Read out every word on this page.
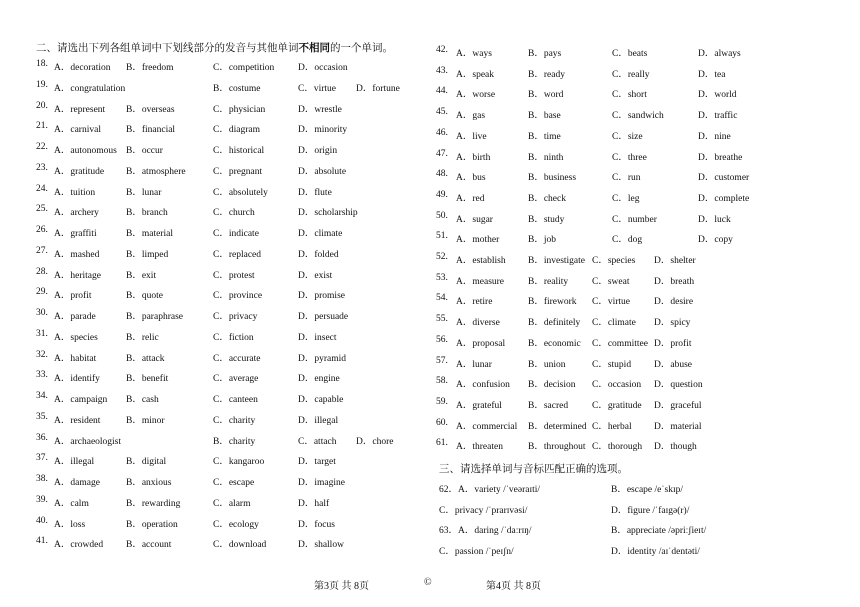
二、请选出下列各组单词中下划线部分的发音与其他单词不相同的一个单词。
18. A．decoration B．freedom	C．competition	D．occasion
19. A．congratulation	B．costume	C．virtue D．fortune
20. A．represent B．overseas	C．physician	D．wrestle
21. A．carnival	B．financial	C．diagram	D．minority
22. A．autonomous B．occur	C．historical	D．origin
23. A．gratitude B．atmosphere	C．pregnant	D．absolute
24. A．tuition	B．lunar	C．absolutely	D．flute
25. A．archery	B．branch	C．church	D．scholarship
26. A．graffiti	B．material	C．indicate	D．climate
27. A．mashed	B．limped	C．replaced	D．folded
28. A．heritage	B．exit	C．protest	D．exist
29. A．profit	B．quote	C．province	D．promise
30. A．parade	B．paraphrase	C．privacy	D．persuade
31. A．species	B．relic	C．fiction	D．insect
32. A．habitat	B．attack	C．accurate	D．pyramid
33. A．identify	B．benefit	C．average	D．engine
34. A．campaign B．cash	C．canteen	D．capable
35. A．resident	B．minor	C．charity	D．illegal
36. A．archaeologist	B．charity	C．attach D．chore
37. A．illegal	B．digital	C．kangaroo	D．target
38. A．damage	B．anxious	C．escape	D．imagine
39. A．calm	B．rewarding	C．alarm	D．half
40. A．loss	B．operation	C．ecology	D．focus
41. A．crowded B．account	C．download	D．shallow
42. A．ways	B．pays	C．beats	D．always
43. A．speak	B．ready	C．really	D．tea
44. A．worse	B．word	C．short	D．world
45. A．gas	B．base	C．sandwich	D．traffic
46. A．live	B．time	C．size	D．nine
47. A．birth	B．ninth	C．three	D．breathe
48. A．bus	B．business	C．run	D．customer
49. A．red	B．check	C．leg	D．complete
50. A．sugar	B．study	C．number	D．luck
51. A．mother	B．job	C．dog	D．copy
52. A．establish B．investigate C．species D．shelter
53. A．measure	B．reality	C．sweat	D．breath
54. A．retire	B．firework C．virtue	D．desire
55. A．diverse	B．definitely C．climate D．spicy
56. A．proposal B．economic C．committee D．profit
57. A．lunar	B．union	C．stupid D．abuse
58. A．confusion B．decision C．occasion D．question
59. A．grateful	B．sacred	C．gratitude D．graceful
60. A．commercial B．determined C．herbal D．material
61. A．threaten	B．throughout C．thorough D．though
三、请选择单词与音标匹配正确的选项。
62．A．variety /ˈveəraɪti/	B．escape /eˈskɪp/
C．privacy /ˈprarɪvəsi/	D．figure /ˈfaɪgə(r)/
63．A．daring /ˈdaːrɪŋ/	B．appreciate /əpriːʃieɪt/
C．passion /ˈpeɪʃn/	D．identity /aɪˈdentəti/
第3页 共 8页	©	第4页 共 8页
